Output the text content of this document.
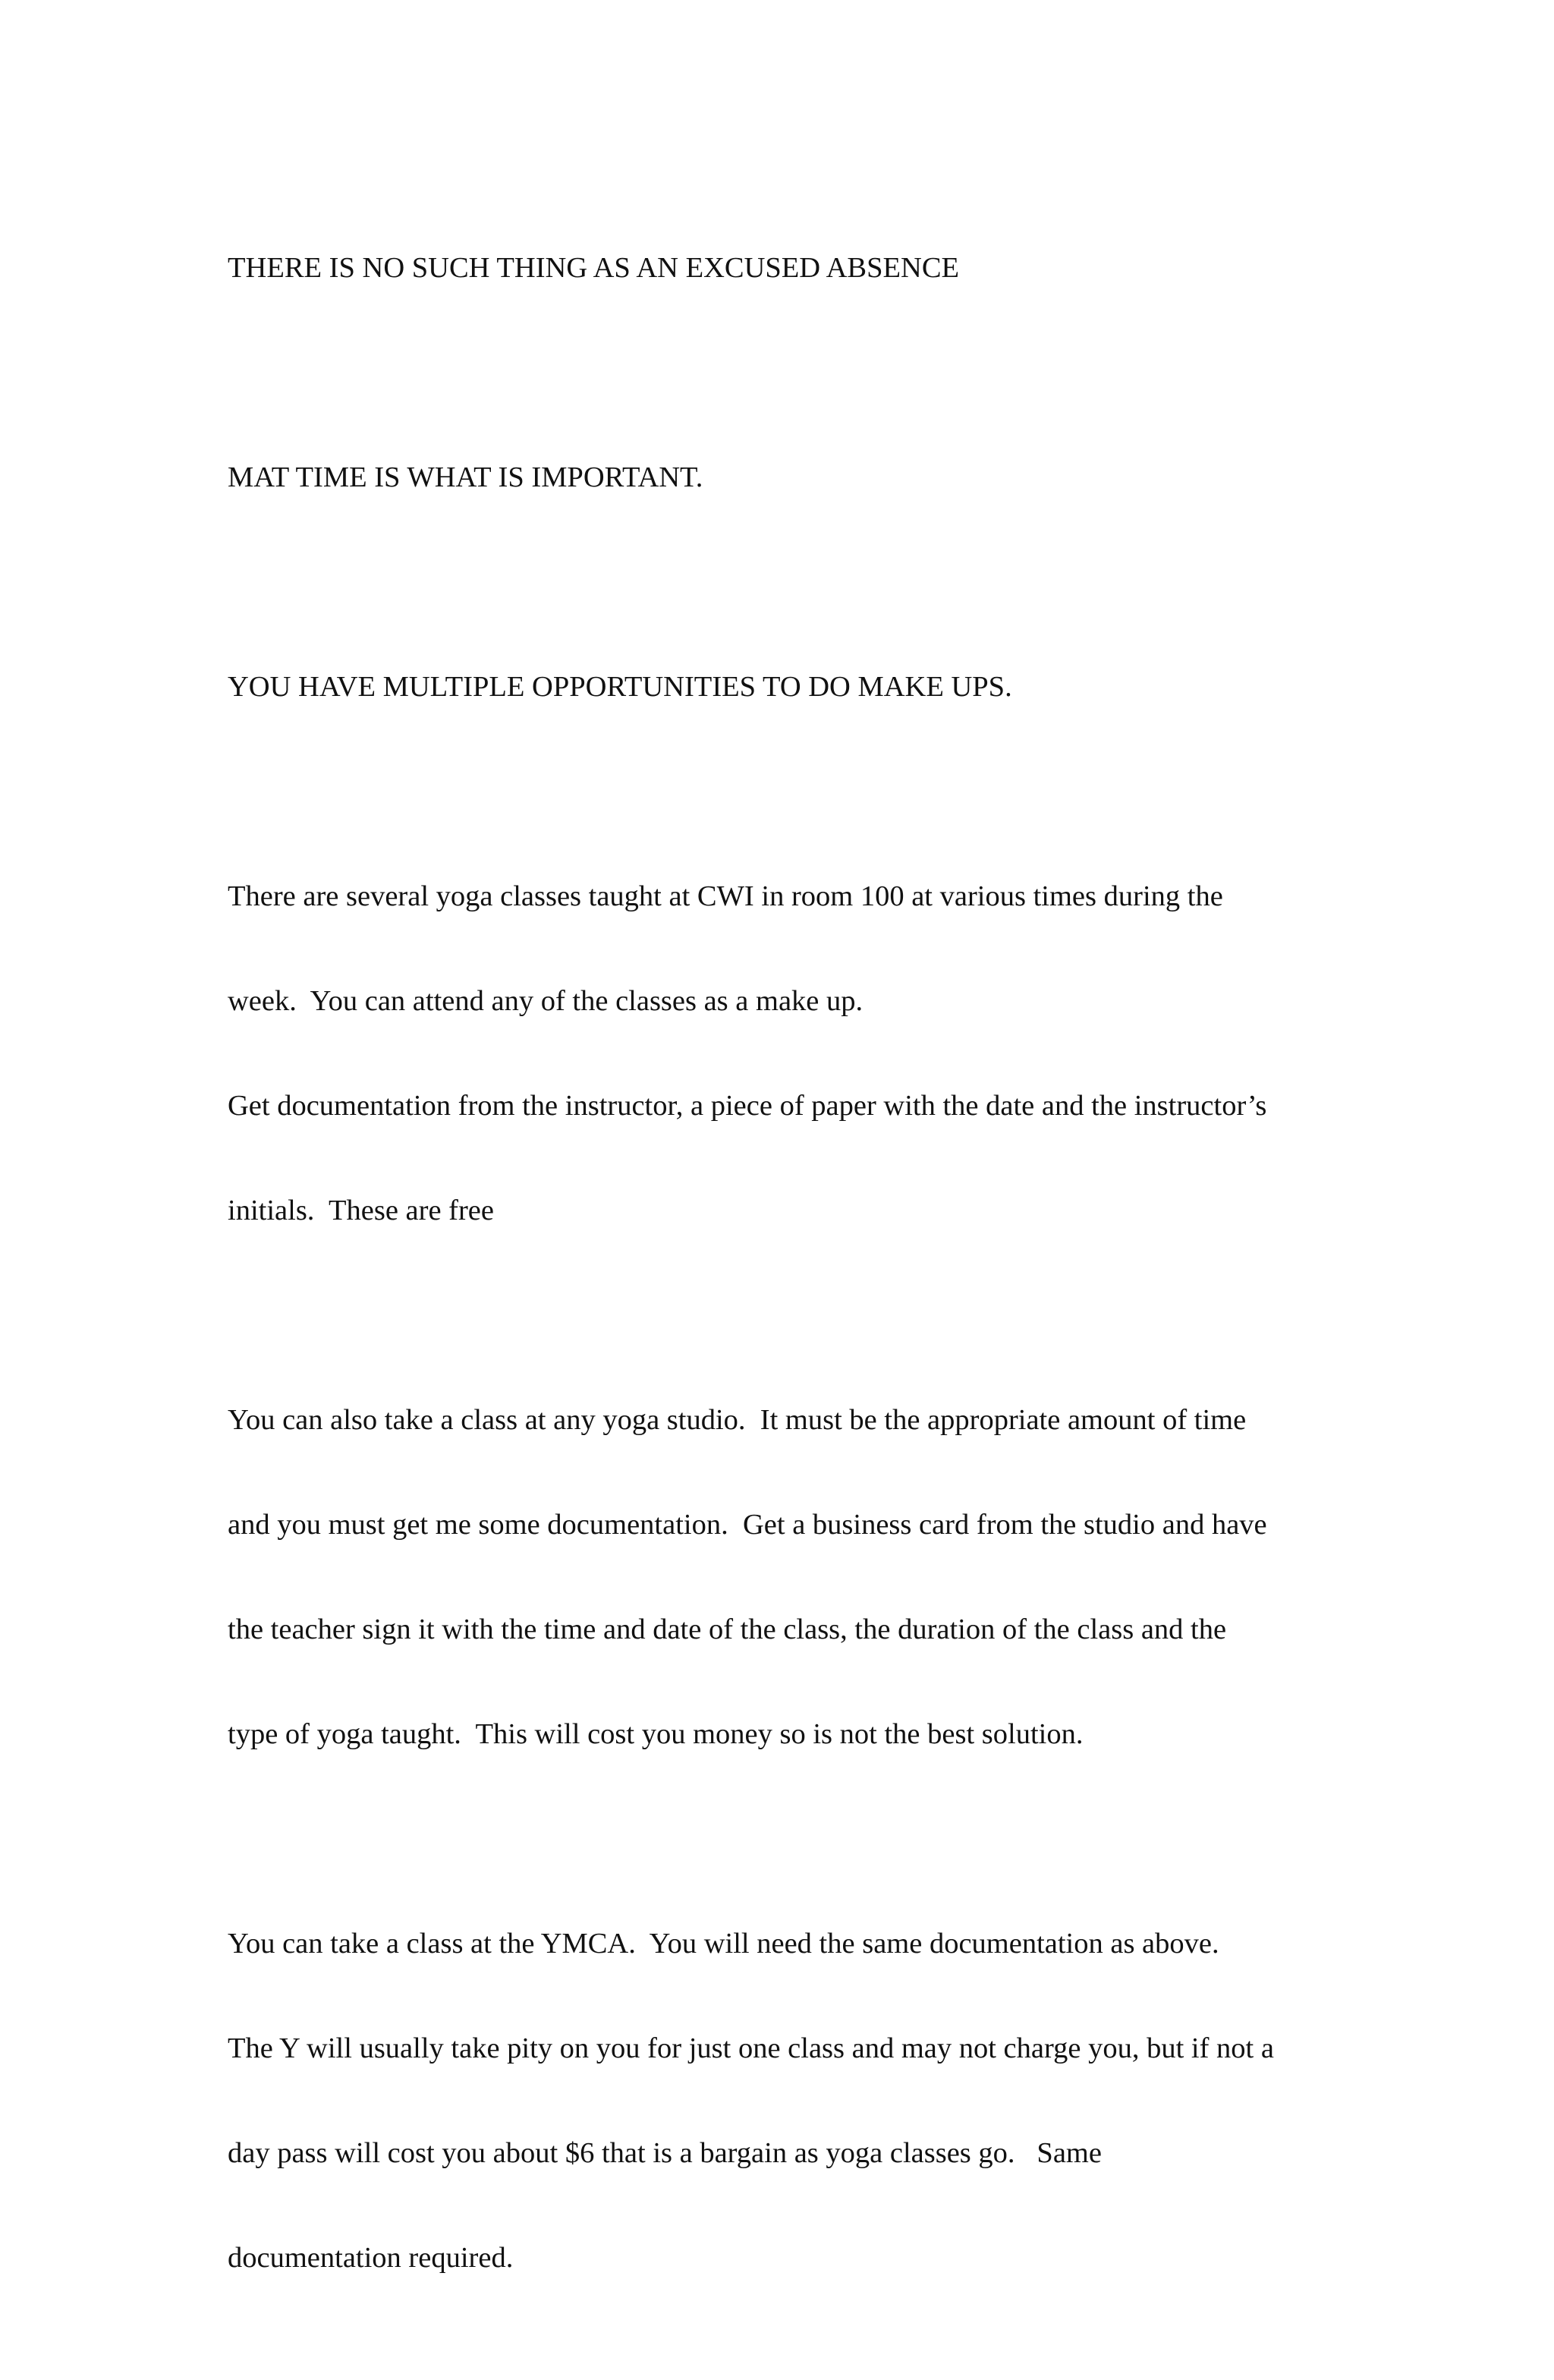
THERE IS NO SUCH THING AS AN EXCUSED ABSENCE

MAT TIME IS WHAT IS IMPORTANT.

YOU HAVE MULTIPLE OPPORTUNITIES TO DO MAKE UPS.

There are several yoga classes taught at CWI in room 100 at various times during the

week.  You can attend any of the classes as a make up.

Get documentation from the instructor, a piece of paper with the date and the instructor’s

initials.  These are free

You can also take a class at any yoga studio.  It must be the appropriate amount of time

and you must get me some documentation.  Get a business card from the studio and have

the teacher sign it with the time and date of the class, the duration of the class and the

type of yoga taught.  This will cost you money so is not the best solution.

You can take a class at the YMCA.  You will need the same documentation as above.

The Y will usually take pity on you for just one class and may not charge you, but if not a

day pass will cost you about $6 that is a bargain as yoga classes go.   Same

documentation required.
